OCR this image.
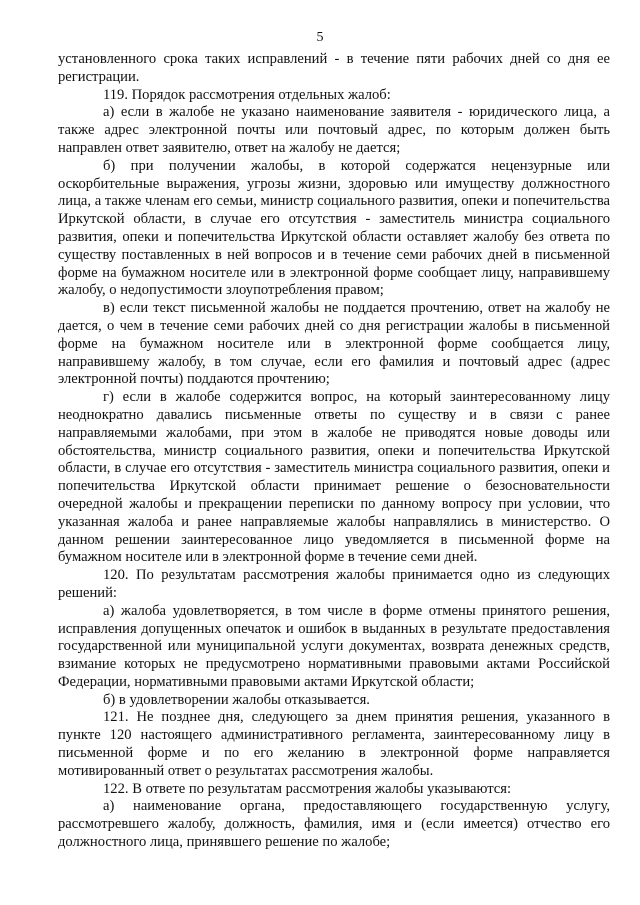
5

установленного срока таких исправлений - в течение пяти рабочих дней со дня ее регистрации.

119. Порядок рассмотрения отдельных жалоб:

а) если в жалобе не указано наименование заявителя - юридического лица, а также адрес электронной почты или почтовый адрес, по которым должен быть направлен ответ заявителю, ответ на жалобу не дается;

б) при получении жалобы, в которой содержатся нецензурные или оскорбительные выражения, угрозы жизни, здоровью или имуществу должностного лица, а также членам его семьи, министр социального развития, опеки и попечительства Иркутской области, в случае его отсутствия - заместитель министра социального развития, опеки и попечительства Иркутской области оставляет жалобу без ответа по существу поставленных в ней вопросов и в течение семи рабочих дней в письменной форме на бумажном носителе или в электронной форме сообщает лицу, направившему жалобу, о недопустимости злоупотребления правом;

в) если текст письменной жалобы не поддается прочтению, ответ на жалобу не дается, о чем в течение семи рабочих дней со дня регистрации жалобы в письменной форме на бумажном носителе или в электронной форме сообщается лицу, направившему жалобу, в том случае, если его фамилия и почтовый адрес (адрес электронной почты) поддаются прочтению;

г) если в жалобе содержится вопрос, на который заинтересованному лицу неоднократно давались письменные ответы по существу и в связи с ранее направляемыми жалобами, при этом в жалобе не приводятся новые доводы или обстоятельства, министр социального развития, опеки и попечительства Иркутской области, в случае его отсутствия - заместитель министра социального развития, опеки и попечительства Иркутской области принимает решение о безосновательности очередной жалобы и прекращении переписки по данному вопросу при условии, что указанная жалоба и ранее направляемые жалобы направлялись в министерство. О данном решении заинтересованное лицо уведомляется в письменной форме на бумажном носителе или в электронной форме в течение семи дней.

120. По результатам рассмотрения жалобы принимается одно из следующих решений:

а) жалоба удовлетворяется, в том числе в форме отмены принятого решения, исправления допущенных опечаток и ошибок в выданных в результате предоставления государственной или муниципальной услуги документах, возврата денежных средств, взимание которых не предусмотрено нормативными правовыми актами Российской Федерации, нормативными правовыми актами Иркутской области;

б) в удовлетворении жалобы отказывается.

121. Не позднее дня, следующего за днем принятия решения, указанного в пункте 120 настоящего административного регламента, заинтересованному лицу в письменной форме и по его желанию в электронной форме направляется мотивированный ответ о результатах рассмотрения жалобы.

122. В ответе по результатам рассмотрения жалобы указываются:

а) наименование органа, предоставляющего государственную услугу, рассмотревшего жалобу, должность, фамилия, имя и (если имеется) отчество его должностного лица, принявшего решение по жалобе;
